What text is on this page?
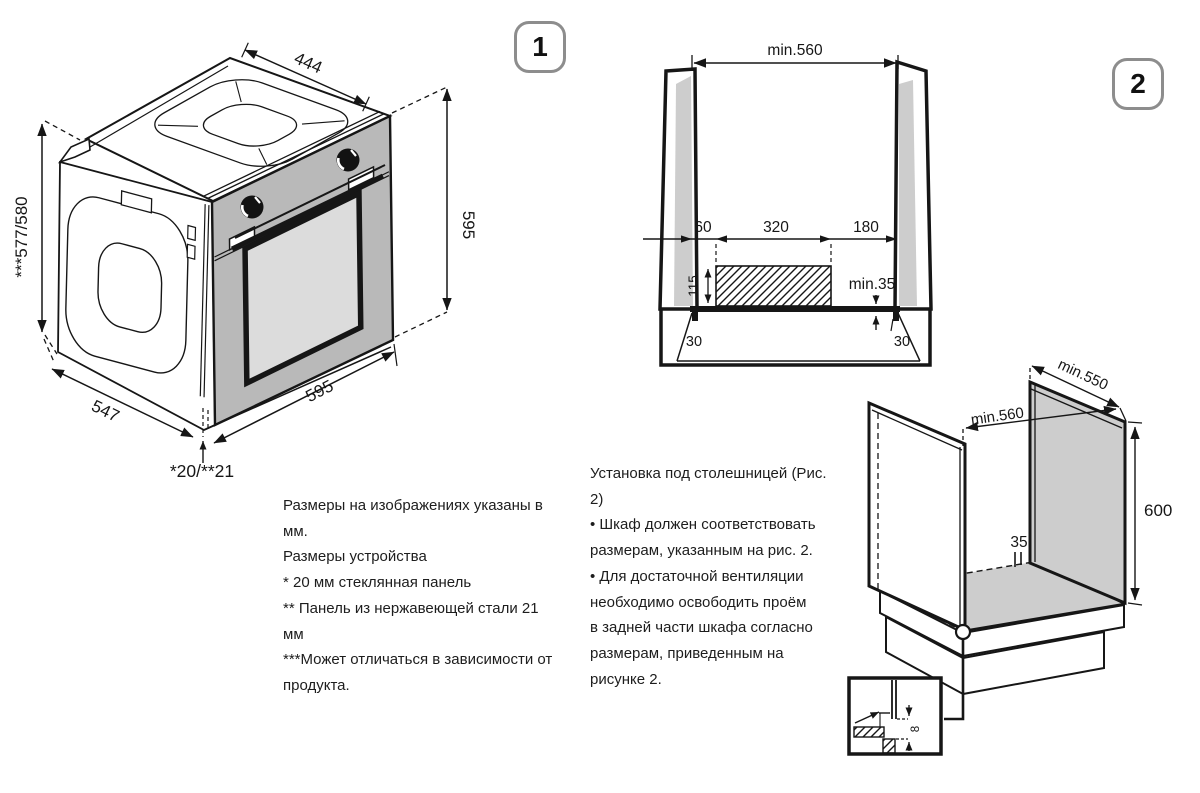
444
595
***577/580
547
595
*20/**21
min.560
60	320	180
115	min.35
30	30
min.560
min.550
600
35
8
1
2

Размеры на изображениях указаны в мм.

Размеры устройства

* 20 мм стеклянная панель

** Панель из нержавеющей стали 21 мм

***Может отличаться в зависимости от

продукта.

Установка под столешницей (Рис. 2)

• Шкаф должен соответствовать

размерам, указанным на рис. 2.

• Для достаточной вентиляции

необходимо освободить проём

в задней части шкафа согласно

размерам, приведенным на

рисунке 2.
